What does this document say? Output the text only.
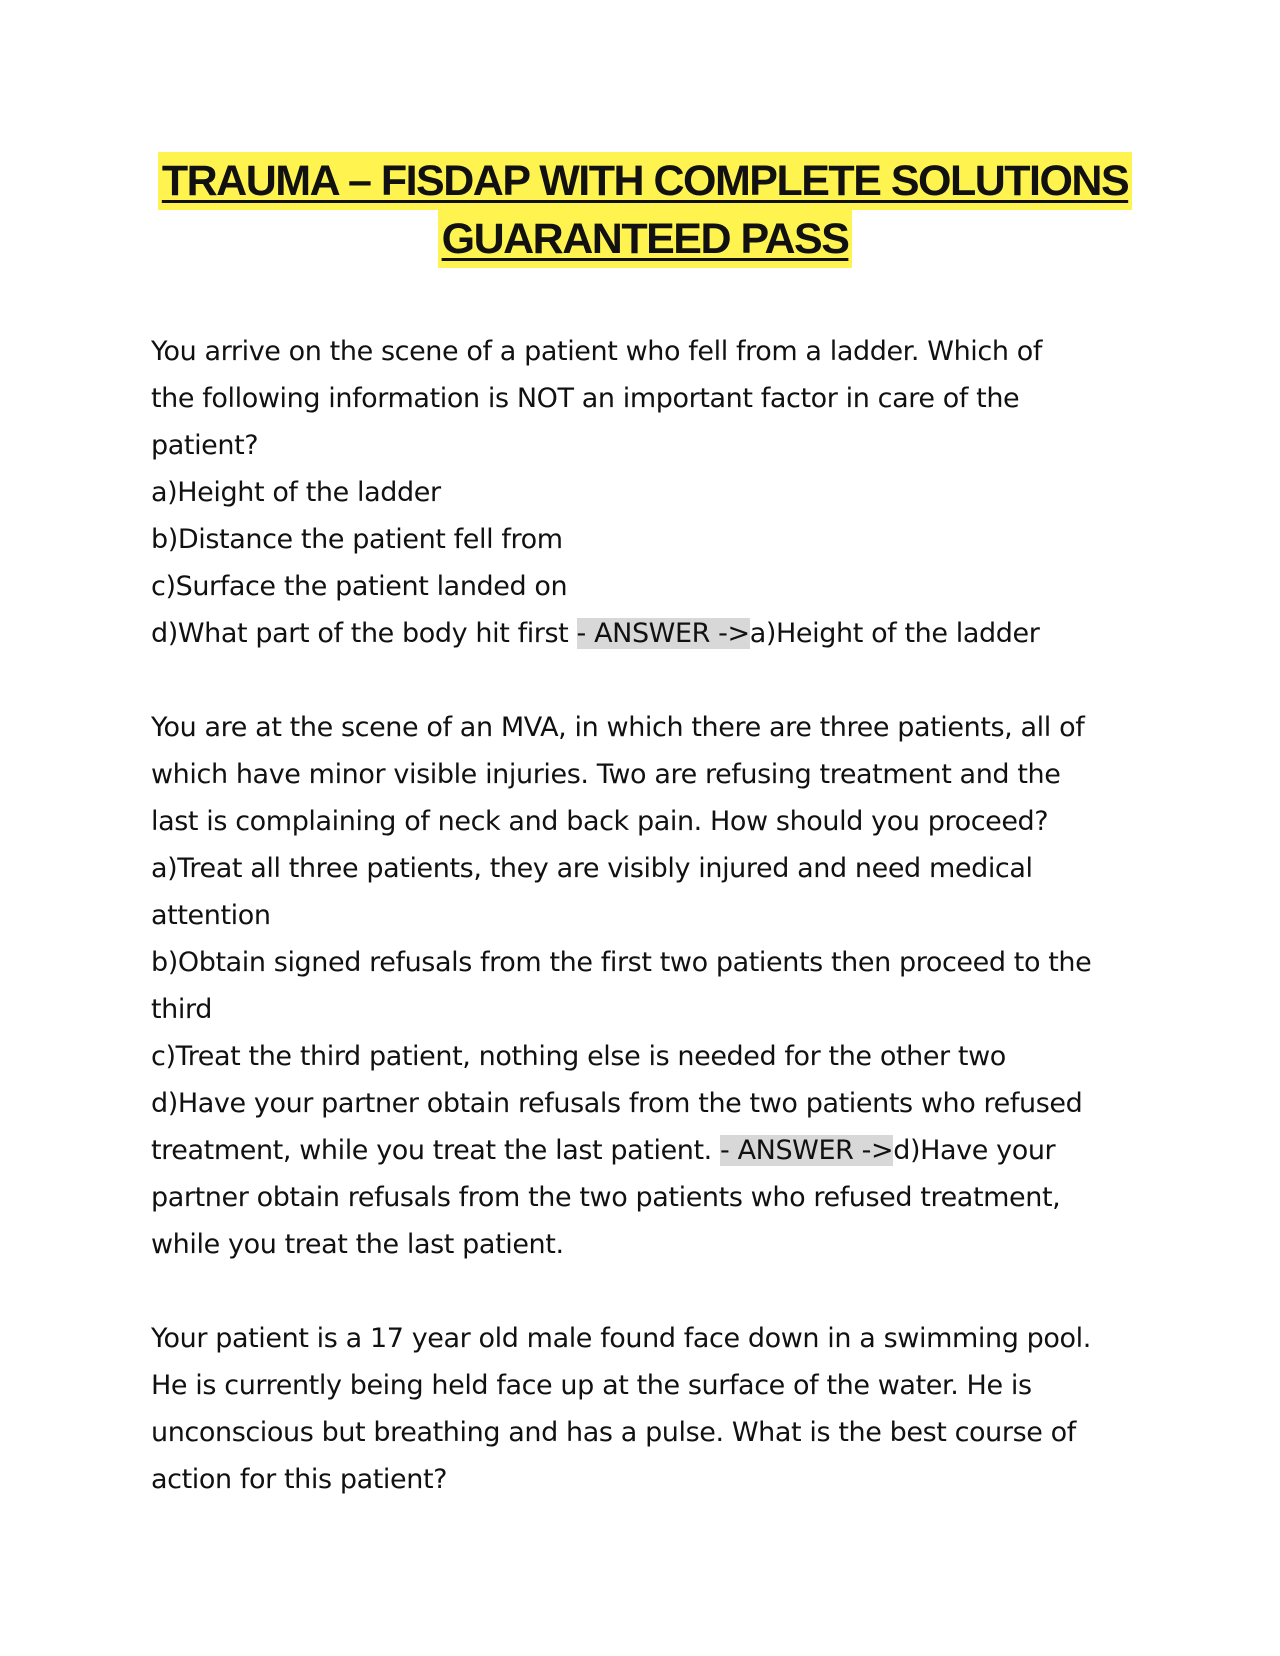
TRAUMA – FISDAP WITH COMPLETE SOLUTIONS
GUARANTEED PASS
You arrive on the scene of a patient who fell from a ladder. Which of
the following information is NOT an important factor in care of the
patient?
a)Height of the ladder
b)Distance the patient fell from
c)Surface the patient landed on
d)What part of the body hit first - ANSWER ->a)Height of the ladder
You are at the scene of an MVA, in which there are three patients, all of
which have minor visible injuries. Two are refusing treatment and the
last is complaining of neck and back pain. How should you proceed?
a)Treat all three patients, they are visibly injured and need medical
attention
b)Obtain signed refusals from the first two patients then proceed to the
third
c)Treat the third patient, nothing else is needed for the other two
d)Have your partner obtain refusals from the two patients who refused
treatment, while you treat the last patient. - ANSWER ->d)Have your
partner obtain refusals from the two patients who refused treatment,
while you treat the last patient.
Your patient is a 17 year old male found face down in a swimming pool.
He is currently being held face up at the surface of the water. He is
unconscious but breathing and has a pulse. What is the best course of
action for this patient?
